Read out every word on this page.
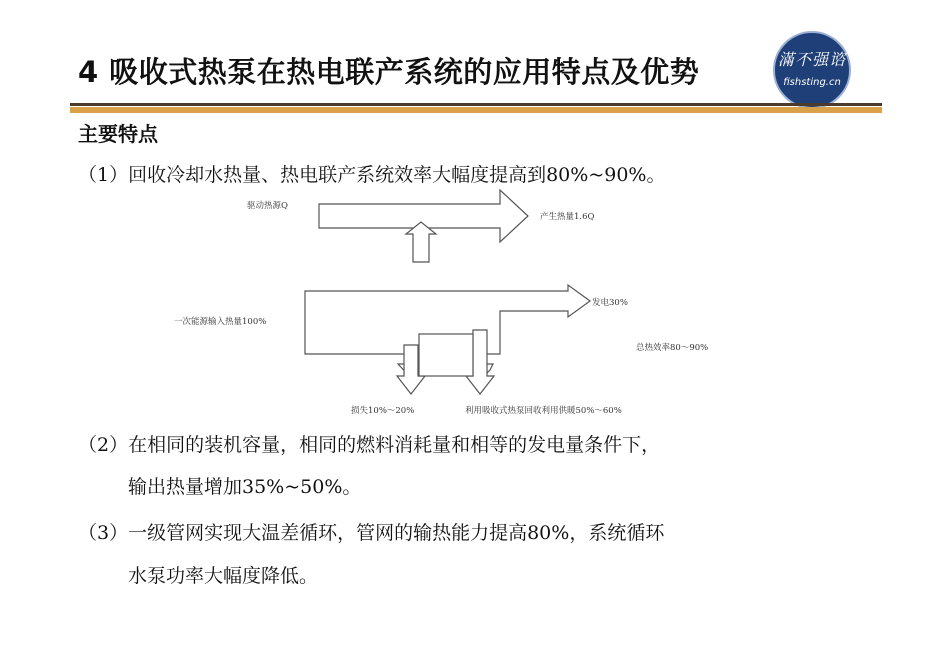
4 吸收式热泵在热电联产系统的应用特点及优势	滿不强谘
fishsting.cn
主要特点
（1）回收冷却水热量、热电联产系统效率大幅度提高到80%~90%。
驱动热源Q
产生热量1.6Q
一次能源输入热量100%
发电30%
总热效率80～90%
损失10%～20%	利用吸收式热泵回收利用供暖50%～60%
（2）在相同的装机容量，相同的燃料消耗量和相等的发电量条件下，
输出热量增加35%~50%。
（3）一级管网实现大温差循环，管网的输热能力提高80%，系统循环
水泵功率大幅度降低。
